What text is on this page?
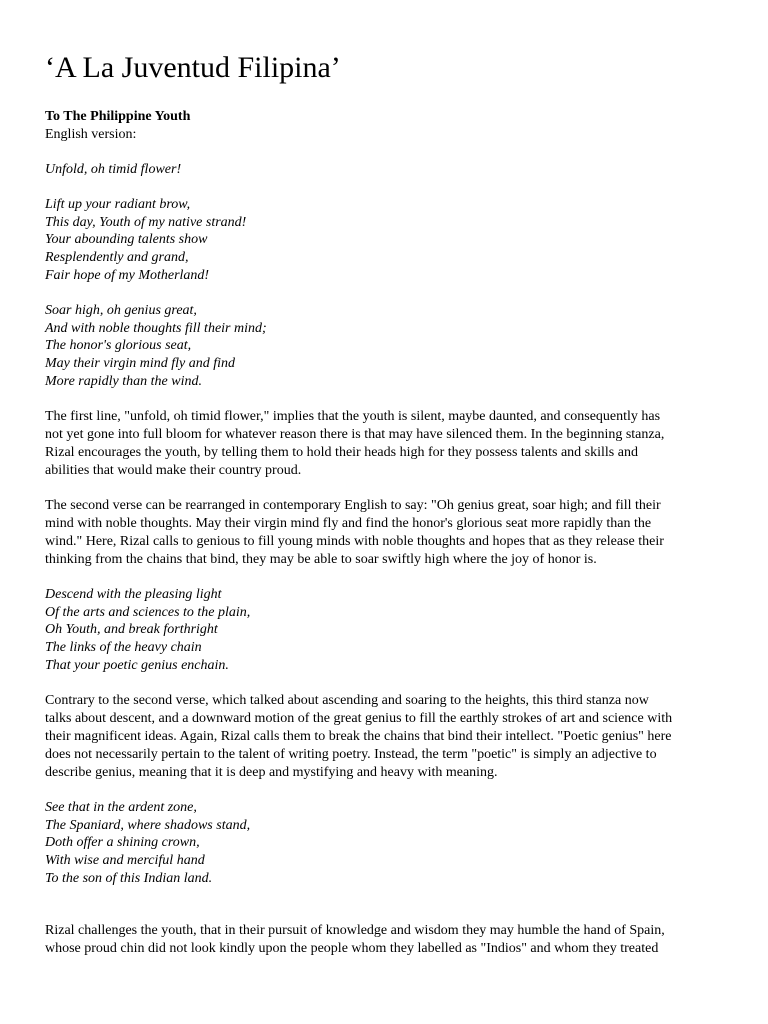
‘A La Juventud Filipina’

To The Philippine Youth

English version:

Unfold, oh timid flower!
Lift up your radiant brow,
This day, Youth of my native strand!
Your abounding talents show
Resplendently and grand,
Fair hope of my Motherland!
Soar high, oh genius great,
And with noble thoughts fill their mind;
The honor's glorious seat,
May their virgin mind fly and find
More rapidly than the wind.
The first line, "unfold, oh timid flower," implies that the youth is silent, maybe daunted, and consequently has
not yet gone into full bloom for whatever reason there is that may have silenced them. In the beginning stanza,
Rizal encourages the youth, by telling them to hold their heads high for they possess talents and skills and
abilities that would make their country proud.
The second verse can be rearranged in contemporary English to say: "Oh genius great, soar high; and fill their
mind with noble thoughts. May their virgin mind fly and find the honor's glorious seat more rapidly than the
wind." Here, Rizal calls to genious to fill young minds with noble thoughts and hopes that as they release their
thinking from the chains that bind, they may be able to soar swiftly high where the joy of honor is.
Descend with the pleasing light
Of the arts and sciences to the plain,
Oh Youth, and break forthright
The links of the heavy chain
That your poetic genius enchain.
Contrary to the second verse, which talked about ascending and soaring to the heights, this third stanza now
talks about descent, and a downward motion of the great genius to fill the earthly strokes of art and science with
their magnificent ideas. Again, Rizal calls them to break the chains that bind their intellect. "Poetic genius" here
does not necessarily pertain to the talent of writing poetry. Instead, the term "poetic" is simply an adjective to
describe genius, meaning that it is deep and mystifying and heavy with meaning.
See that in the ardent zone,
The Spaniard, where shadows stand,
Doth offer a shining crown,
With wise and merciful hand
To the son of this Indian land.
Rizal challenges the youth, that in their pursuit of knowledge and wisdom they may humble the hand of Spain,
whose proud chin did not look kindly upon the people whom they labelled as "Indios" and whom they treated
